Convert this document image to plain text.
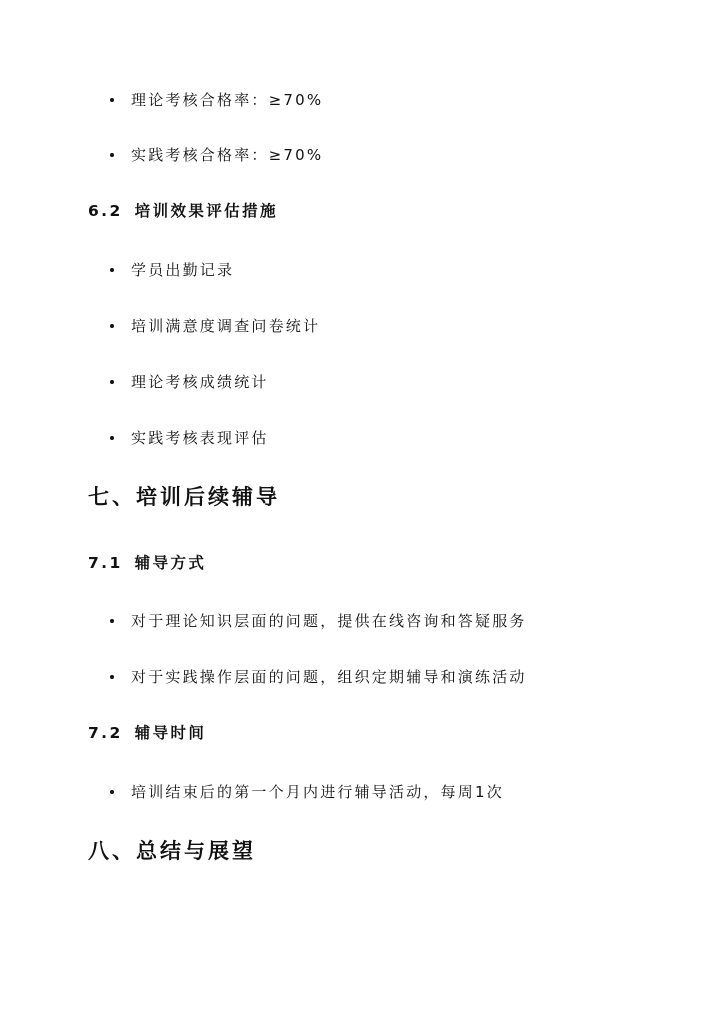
理论考核合格率：≥70%
实践考核合格率：≥70%
6.2 培训效果评估措施
学员出勤记录
培训满意度调查问卷统计
理论考核成绩统计
实践考核表现评估
七、培训后续辅导
7.1 辅导方式
对于理论知识层面的问题，提供在线咨询和答疑服务
对于实践操作层面的问题，组织定期辅导和演练活动
7.2 辅导时间
培训结束后的第一个月内进行辅导活动，每周1次
八、总结与展望
